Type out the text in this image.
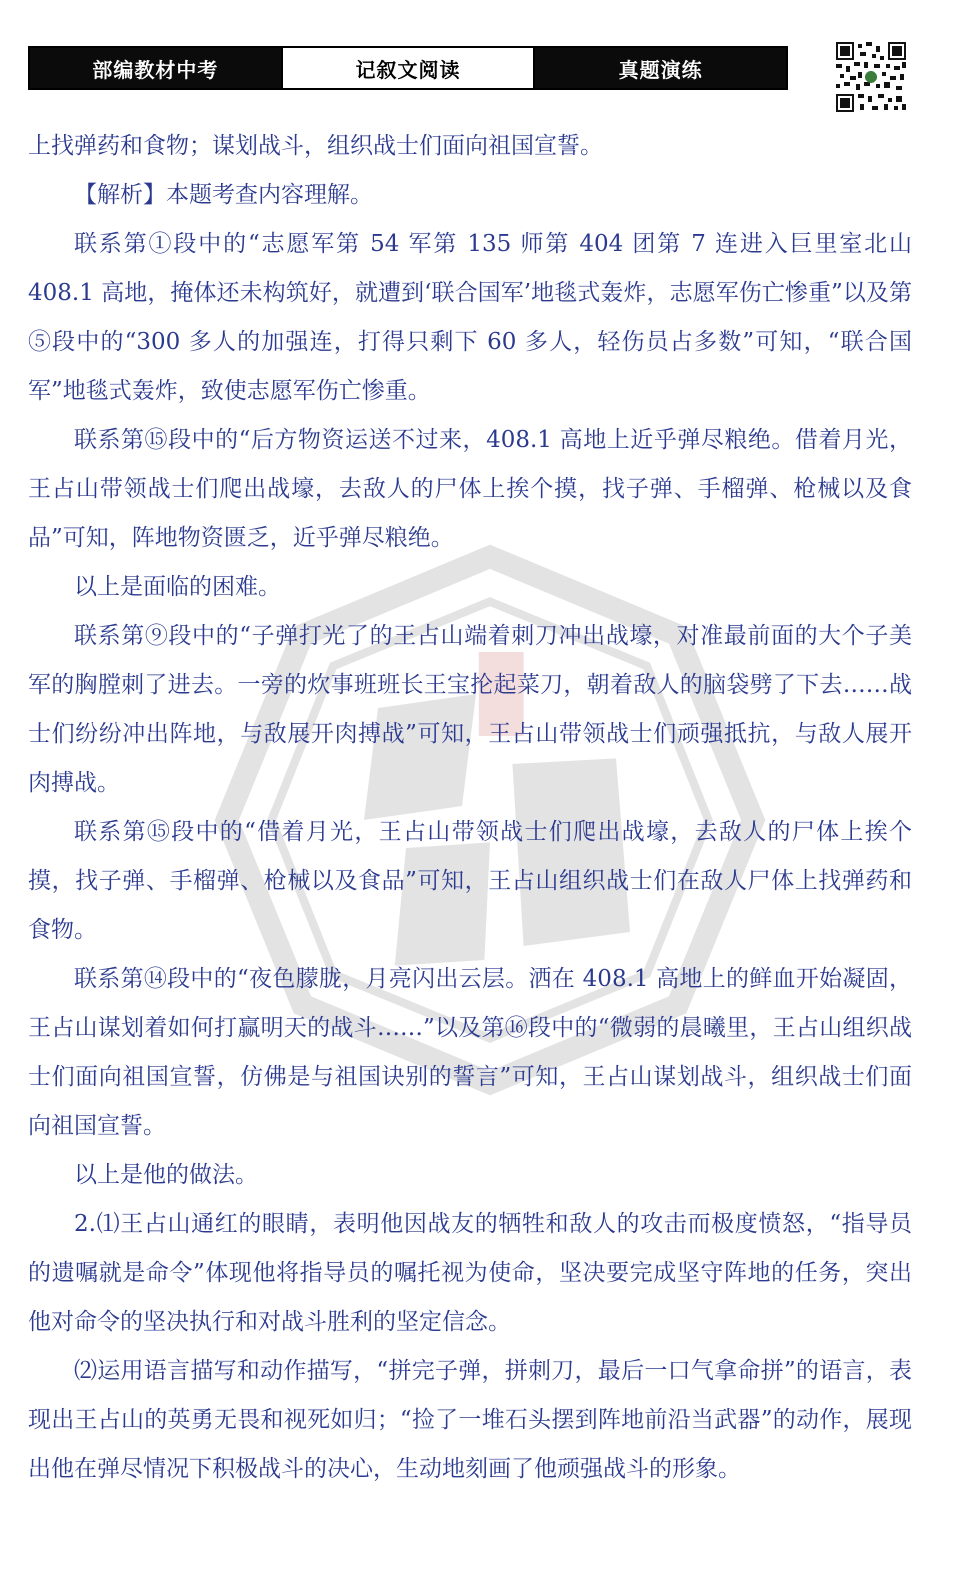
部编教材中考	记叙文阅读	真题演练

上找弹药和食物；谋划战斗，组织战士们面向祖国宣誓。

【解析】本题考查内容理解。

联系第①段中的“志愿军第 54 军第 135 师第 404 团第 7 连进入巨里室北山 408.1 高地，掩体还未构筑好，就遭到‘联合国军’地毯式轰炸，志愿军伤亡惨重”以及第⑤段中的“300 多人的加强连，打得只剩下 60 多人，轻伤员占多数”可知，“联合国军”地毯式轰炸，致使志愿军伤亡惨重。

联系第⑮段中的“后方物资运送不过来，408.1 高地上近乎弹尽粮绝。借着月光，王占山带领战士们爬出战壕，去敌人的尸体上挨个摸，找子弹、手榴弹、枪械以及食品”可知，阵地物资匮乏，近乎弹尽粮绝。

以上是面临的困难。

联系第⑨段中的“子弹打光了的王占山端着刺刀冲出战壕，对准最前面的大个子美军的胸膛刺了进去。一旁的炊事班班长王宝抡起菜刀，朝着敌人的脑袋劈了下去……战士们纷纷冲出阵地，与敌展开肉搏战”可知，王占山带领战士们顽强抵抗，与敌人展开肉搏战。

联系第⑮段中的“借着月光，王占山带领战士们爬出战壕，去敌人的尸体上挨个摸，找子弹、手榴弹、枪械以及食品”可知，王占山组织战士们在敌人尸体上找弹药和食物。

联系第⑭段中的“夜色朦胧，月亮闪出云层。洒在 408.1 高地上的鲜血开始凝固，王占山谋划着如何打赢明天的战斗……”以及第⑯段中的“微弱的晨曦里，王占山组织战士们面向祖国宣誓，仿佛是与祖国诀别的誓言”可知，王占山谋划战斗，组织战士们面向祖国宣誓。

以上是他的做法。

2.⑴王占山通红的眼睛，表明他因战友的牺牲和敌人的攻击而极度愤怒，“指导员的遗嘱就是命令”体现他将指导员的嘱托视为使命，坚决要完成坚守阵地的任务，突出他对命令的坚决执行和对战斗胜利的坚定信念。

⑵运用语言描写和动作描写，“拼完子弹，拼刺刀，最后一口气拿命拼”的语言，表现出王占山的英勇无畏和视死如归；“捡了一堆石头摆到阵地前沿当武器”的动作，展现出他在弹尽情况下积极战斗的决心，生动地刻画了他顽强战斗的形象。
